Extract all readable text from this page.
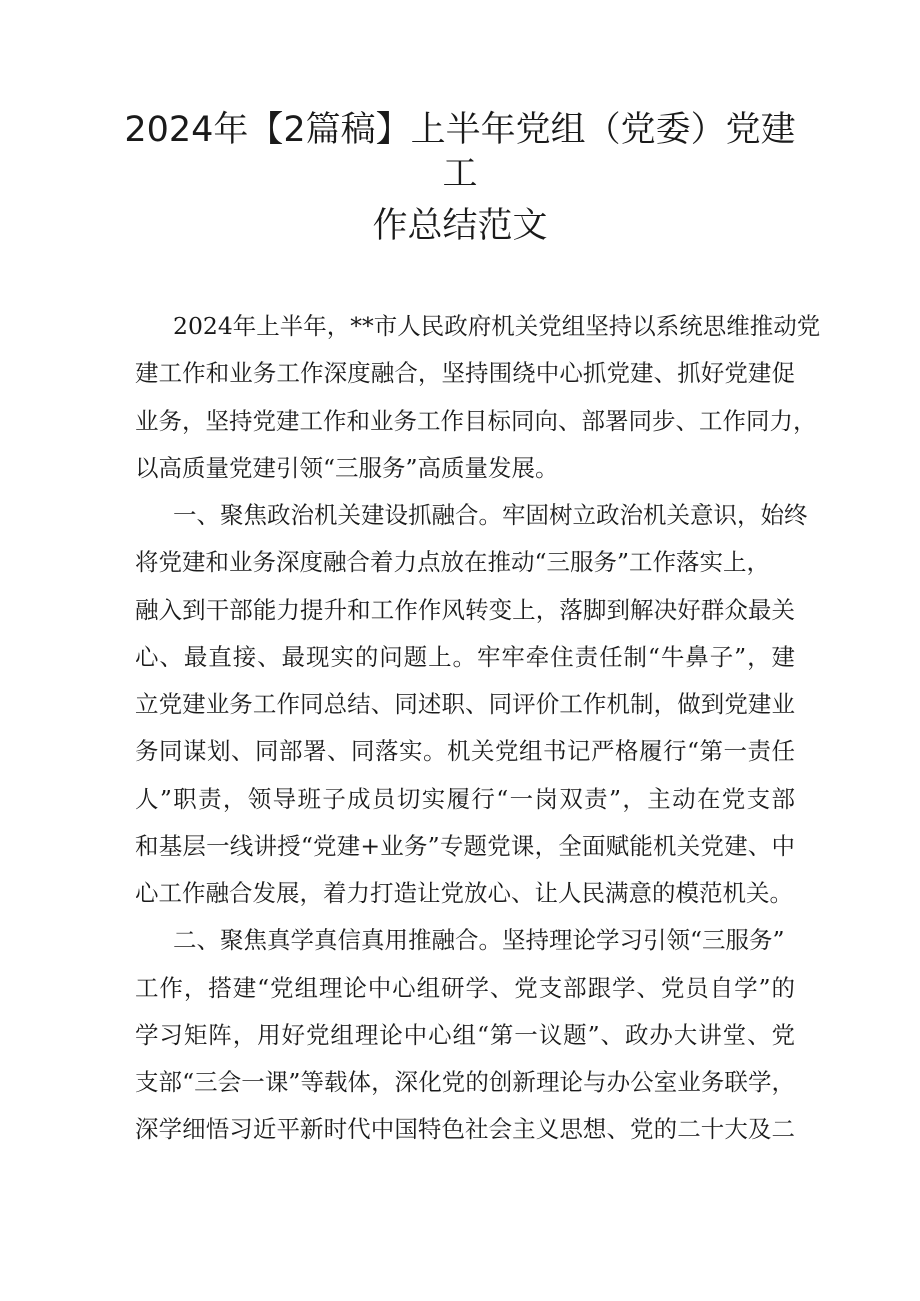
2024年【2篇稿】上半年党组（党委）党建
工
作总结范文
2024年上半年，**市人民政府机关党组坚持以系统思维推动党
建工作和业务工作深度融合，坚持围绕中心抓党建、抓好党建促
业务，坚持党建工作和业务工作目标同向、部署同步、工作同力，
以高质量党建引领“三服务”高质量发展。
一、聚焦政治机关建设抓融合。牢固树立政治机关意识，始终
将党建和业务深度融合着力点放在推动“三服务”工作落实上，
融入到干部能力提升和工作作风转变上，落脚到解决好群众最关
心、最直接、最现实的问题上。牢牢牵住责任制“牛鼻子”，建
立党建业务工作同总结、同述职、同评价工作机制，做到党建业
务同谋划、同部署、同落实。机关党组书记严格履行“第一责任
人”职责，领导班子成员切实履行“一岗双责”，主动在党支部
和基层一线讲授“党建+业务”专题党课，全面赋能机关党建、中
心工作融合发展，着力打造让党放心、让人民满意的模范机关。
二、聚焦真学真信真用推融合。坚持理论学习引领“三服务”
工作，搭建“党组理论中心组研学、党支部跟学、党员自学”的
学习矩阵，用好党组理论中心组“第一议题”、政办大讲堂、党
支部“三会一课”等载体，深化党的创新理论与办公室业务联学，
深学细悟习近平新时代中国特色社会主义思想、党的二十大及二
